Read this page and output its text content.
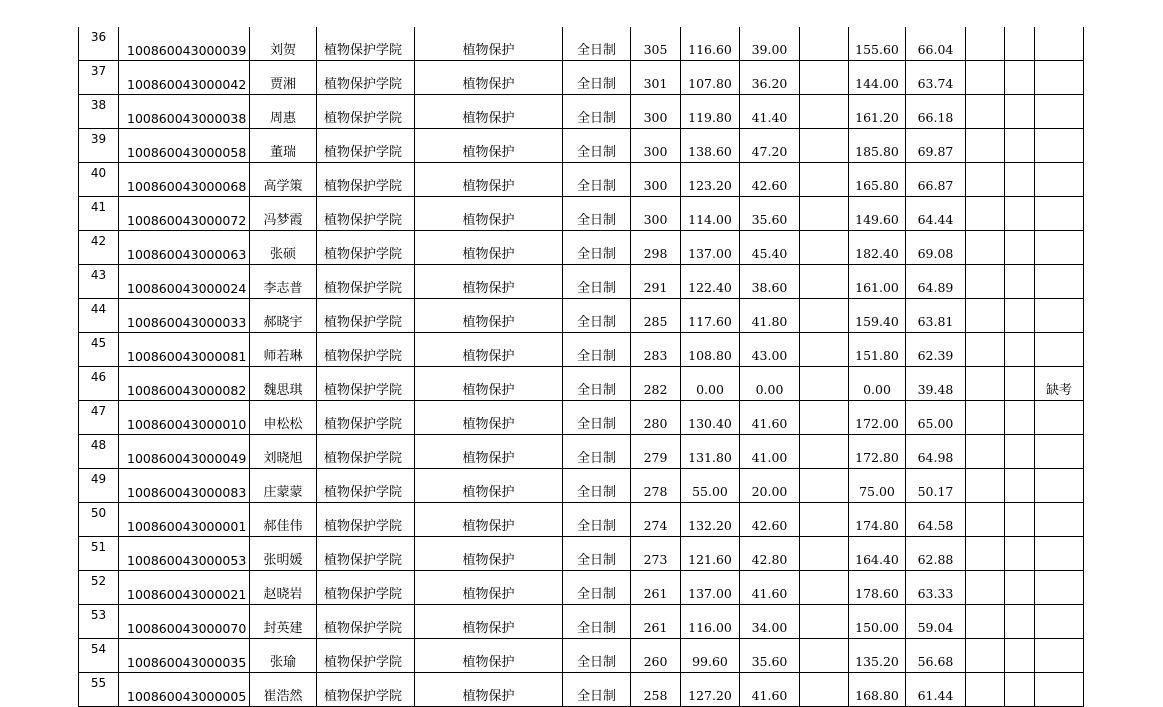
36	100860043000039	刘贺	植物保护学院	植物保护	全日制	305	116.60	39.00		155.60	66.04			
37	100860043000042	贾湘	植物保护学院	植物保护	全日制	301	107.80	36.20		144.00	63.74			
38	100860043000038	周惠	植物保护学院	植物保护	全日制	300	119.80	41.40		161.20	66.18			
39	100860043000058	董瑞	植物保护学院	植物保护	全日制	300	138.60	47.20		185.80	69.87			
40	100860043000068	高学策	植物保护学院	植物保护	全日制	300	123.20	42.60		165.80	66.87			
41	100860043000072	冯梦霞	植物保护学院	植物保护	全日制	300	114.00	35.60		149.60	64.44			
42	100860043000063	张硕	植物保护学院	植物保护	全日制	298	137.00	45.40		182.40	69.08			
43	100860043000024	李志普	植物保护学院	植物保护	全日制	291	122.40	38.60		161.00	64.89			
44	100860043000033	郝晓宇	植物保护学院	植物保护	全日制	285	117.60	41.80		159.40	63.81			
45	100860043000081	师若琳	植物保护学院	植物保护	全日制	283	108.80	43.00		151.80	62.39			
46	100860043000082	魏思琪	植物保护学院	植物保护	全日制	282	0.00	0.00		0.00	39.48			缺考
47	100860043000010	申松松	植物保护学院	植物保护	全日制	280	130.40	41.60		172.00	65.00			
48	100860043000049	刘晓旭	植物保护学院	植物保护	全日制	279	131.80	41.00		172.80	64.98			
49	100860043000083	庄蒙蒙	植物保护学院	植物保护	全日制	278	55.00	20.00		75.00	50.17			
50	100860043000001	郝佳伟	植物保护学院	植物保护	全日制	274	132.20	42.60		174.80	64.58			
51	100860043000053	张明媛	植物保护学院	植物保护	全日制	273	121.60	42.80		164.40	62.88			
52	100860043000021	赵晓岩	植物保护学院	植物保护	全日制	261	137.00	41.60		178.60	63.33			
53	100860043000070	封英建	植物保护学院	植物保护	全日制	261	116.00	34.00		150.00	59.04			
54	100860043000035	张瑜	植物保护学院	植物保护	全日制	260	99.60	35.60		135.20	56.68			
55	100860043000005	崔浩然	植物保护学院	植物保护	全日制	258	127.20	41.60		168.80	61.44			
